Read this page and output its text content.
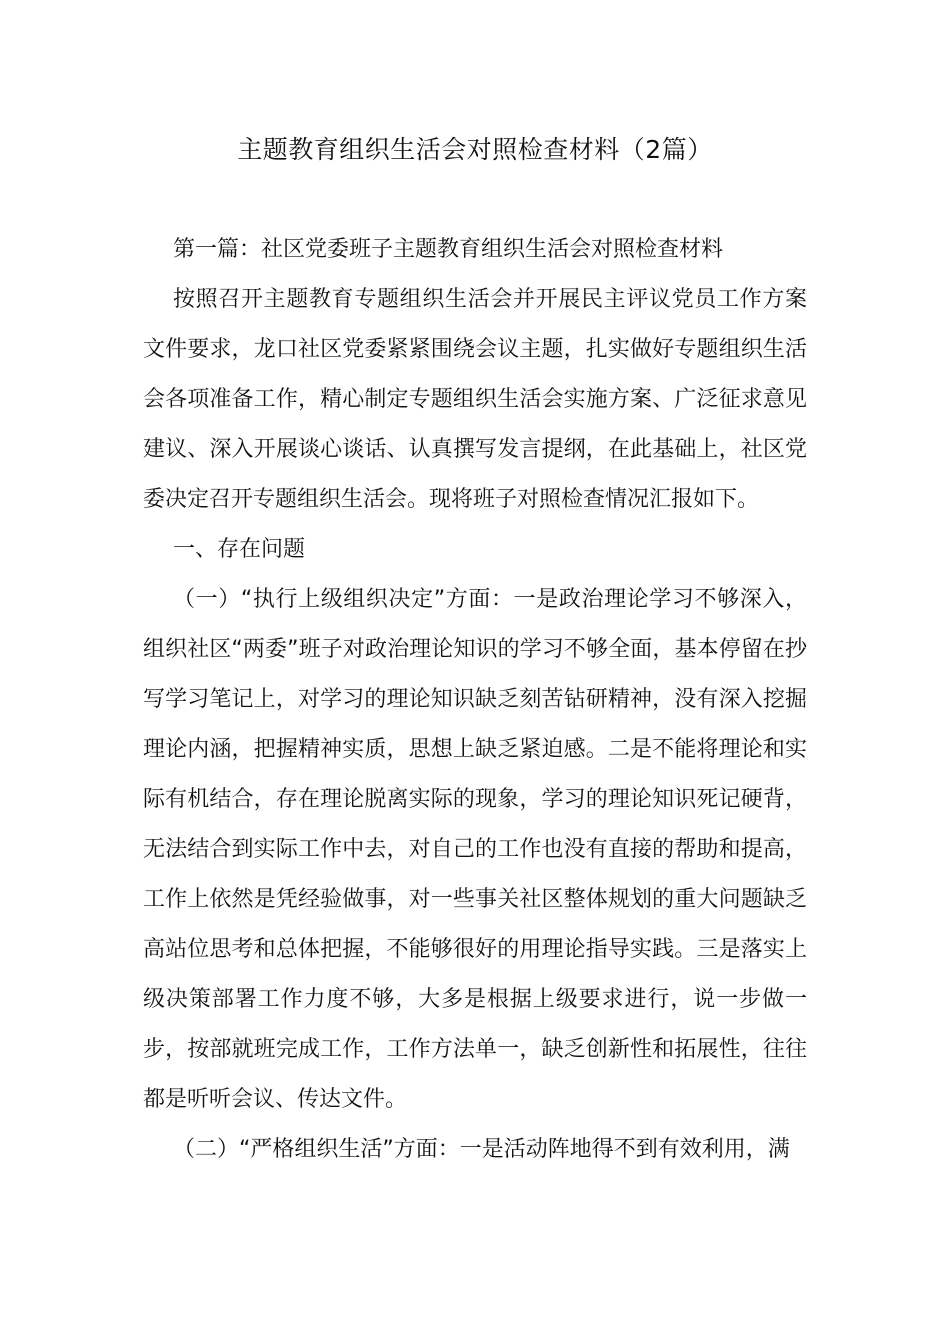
主题教育组织生活会对照检查材料（2篇）

第一篇：社区党委班子主题教育组织生活会对照检查材料

按照召开主题教育专题组织生活会并开展民主评议党员工作方案文件要求，龙口社区党委紧紧围绕会议主题，扎实做好专题组织生活会各项准备工作，精心制定专题组织生活会实施方案、广泛征求意见建议、深入开展谈心谈话、认真撰写发言提纲，在此基础上，社区党委决定召开专题组织生活会。现将班子对照检查情况汇报如下。

一、存在问题

（一）“执行上级组织决定”方面：一是政治理论学习不够深入，组织社区“两委”班子对政治理论知识的学习不够全面，基本停留在抄写学习笔记上，对学习的理论知识缺乏刻苦钻研精神，没有深入挖掘理论内涵，把握精神实质，思想上缺乏紧迫感。二是不能将理论和实际有机结合，存在理论脱离实际的现象，学习的理论知识死记硬背，无法结合到实际工作中去，对自己的工作也没有直接的帮助和提高，工作上依然是凭经验做事，对一些事关社区整体规划的重大问题缺乏高站位思考和总体把握，不能够很好的用理论指导实践。三是落实上级决策部署工作力度不够，大多是根据上级要求进行，说一步做一步，按部就班完成工作，工作方法单一，缺乏创新性和拓展性，往往都是听听会议、传达文件。

（二）“严格组织生活”方面：一是活动阵地得不到有效利用，满
